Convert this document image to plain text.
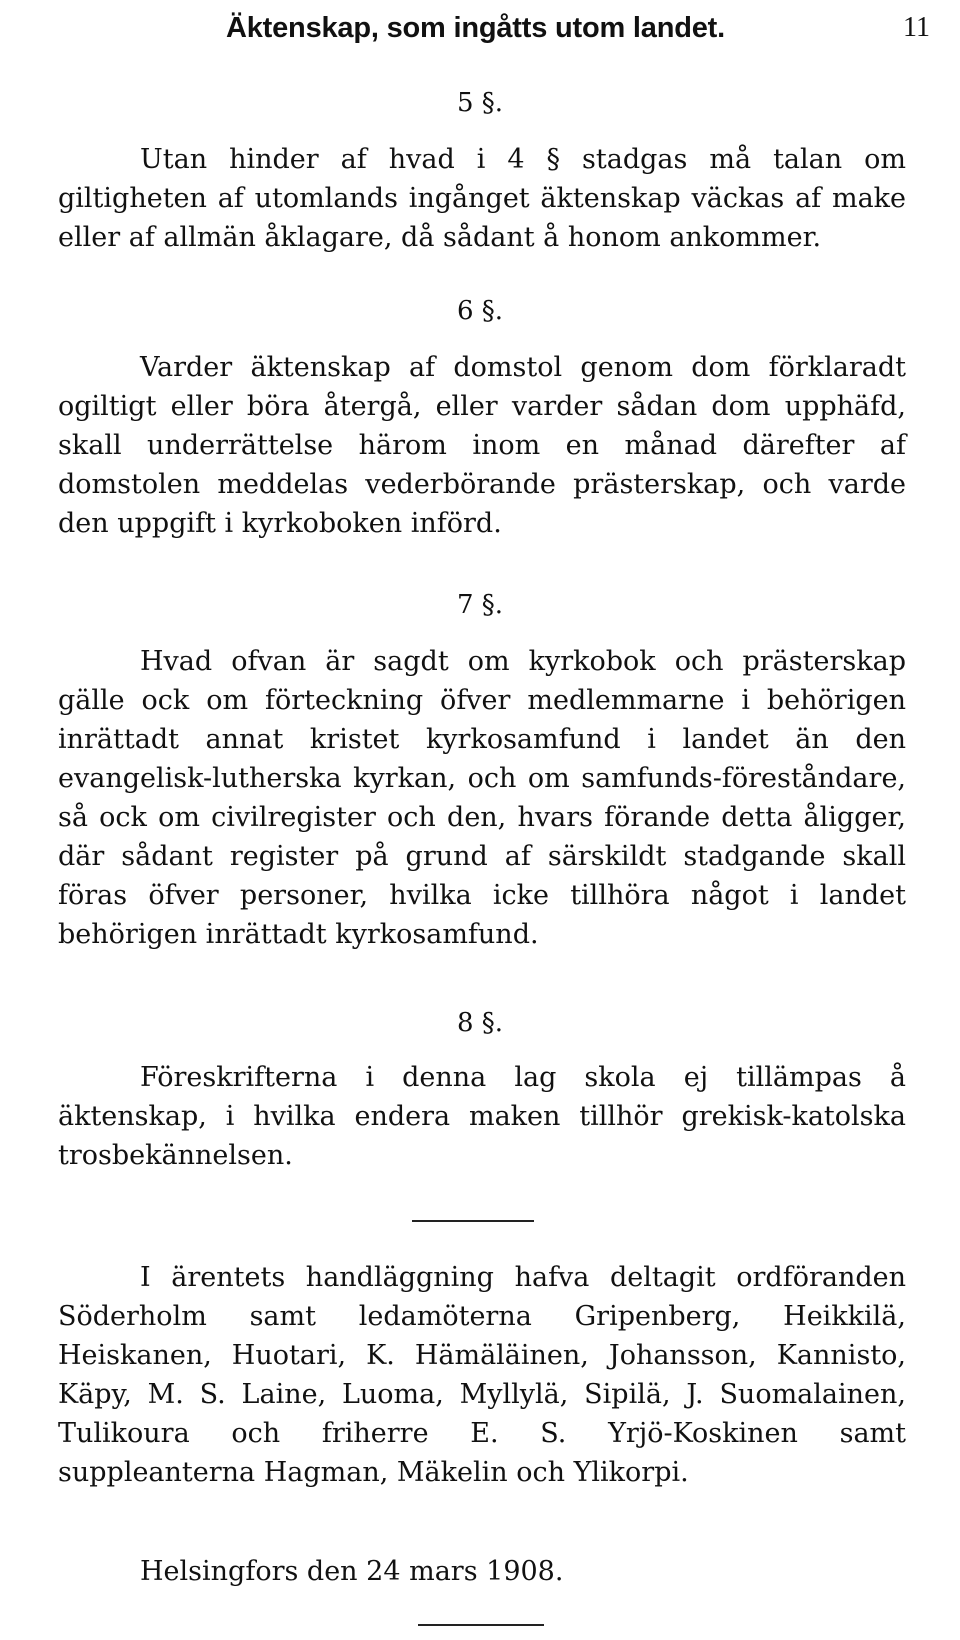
Äktenskap, som ingåtts utom landet.	11
5 §.

Utan hinder af hvad i 4 § stadgas må talan om giltigheten af utomlands ingånget äktenskap väckas af make eller af allmän åklagare, då sådant å honom ankommer.

6 §.

Varder äktenskap af domstol genom dom förklaradt ogiltigt eller böra återgå, eller varder sådan dom upphäfd, skall underrättelse härom inom en månad därefter af domstolen meddelas vederbörande prästerskap, och varde den uppgift i kyrkoboken införd.

7 §.

Hvad ofvan är sagdt om kyrkobok och prästerskap gälle ock om förteckning öfver medlemmarne i behörigen inrättadt annat kristet kyrkosamfund i landet än den evangelisk-lutherska kyrkan, och om samfunds-föreståndare, så ock om civilregister och den, hvars förande detta åligger, där sådant register på grund af särskildt stadgande skall föras öfver personer, hvilka icke tillhöra något i landet behörigen inrättadt kyrkosamfund.

8 §.

Föreskrifterna i denna lag skola ej tillämpas å äktenskap, i hvilka endera maken tillhör grekisk-katolska trosbekännelsen.

I ärentets handläggning hafva deltagit ordföranden Söderholm samt ledamöterna Gripenberg, Heikkilä, Heiskanen, Huotari, K. Hämäläinen, Johansson, Kannisto, Käpy, M. S. Laine, Luoma, Myllylä, Sipilä, J. Suomalainen, Tulikoura och friherre E. S. Yrjö-Koskinen samt suppleanterna Hagman, Mäkelin och Ylikorpi.

Helsingfors den 24 mars 1908.
